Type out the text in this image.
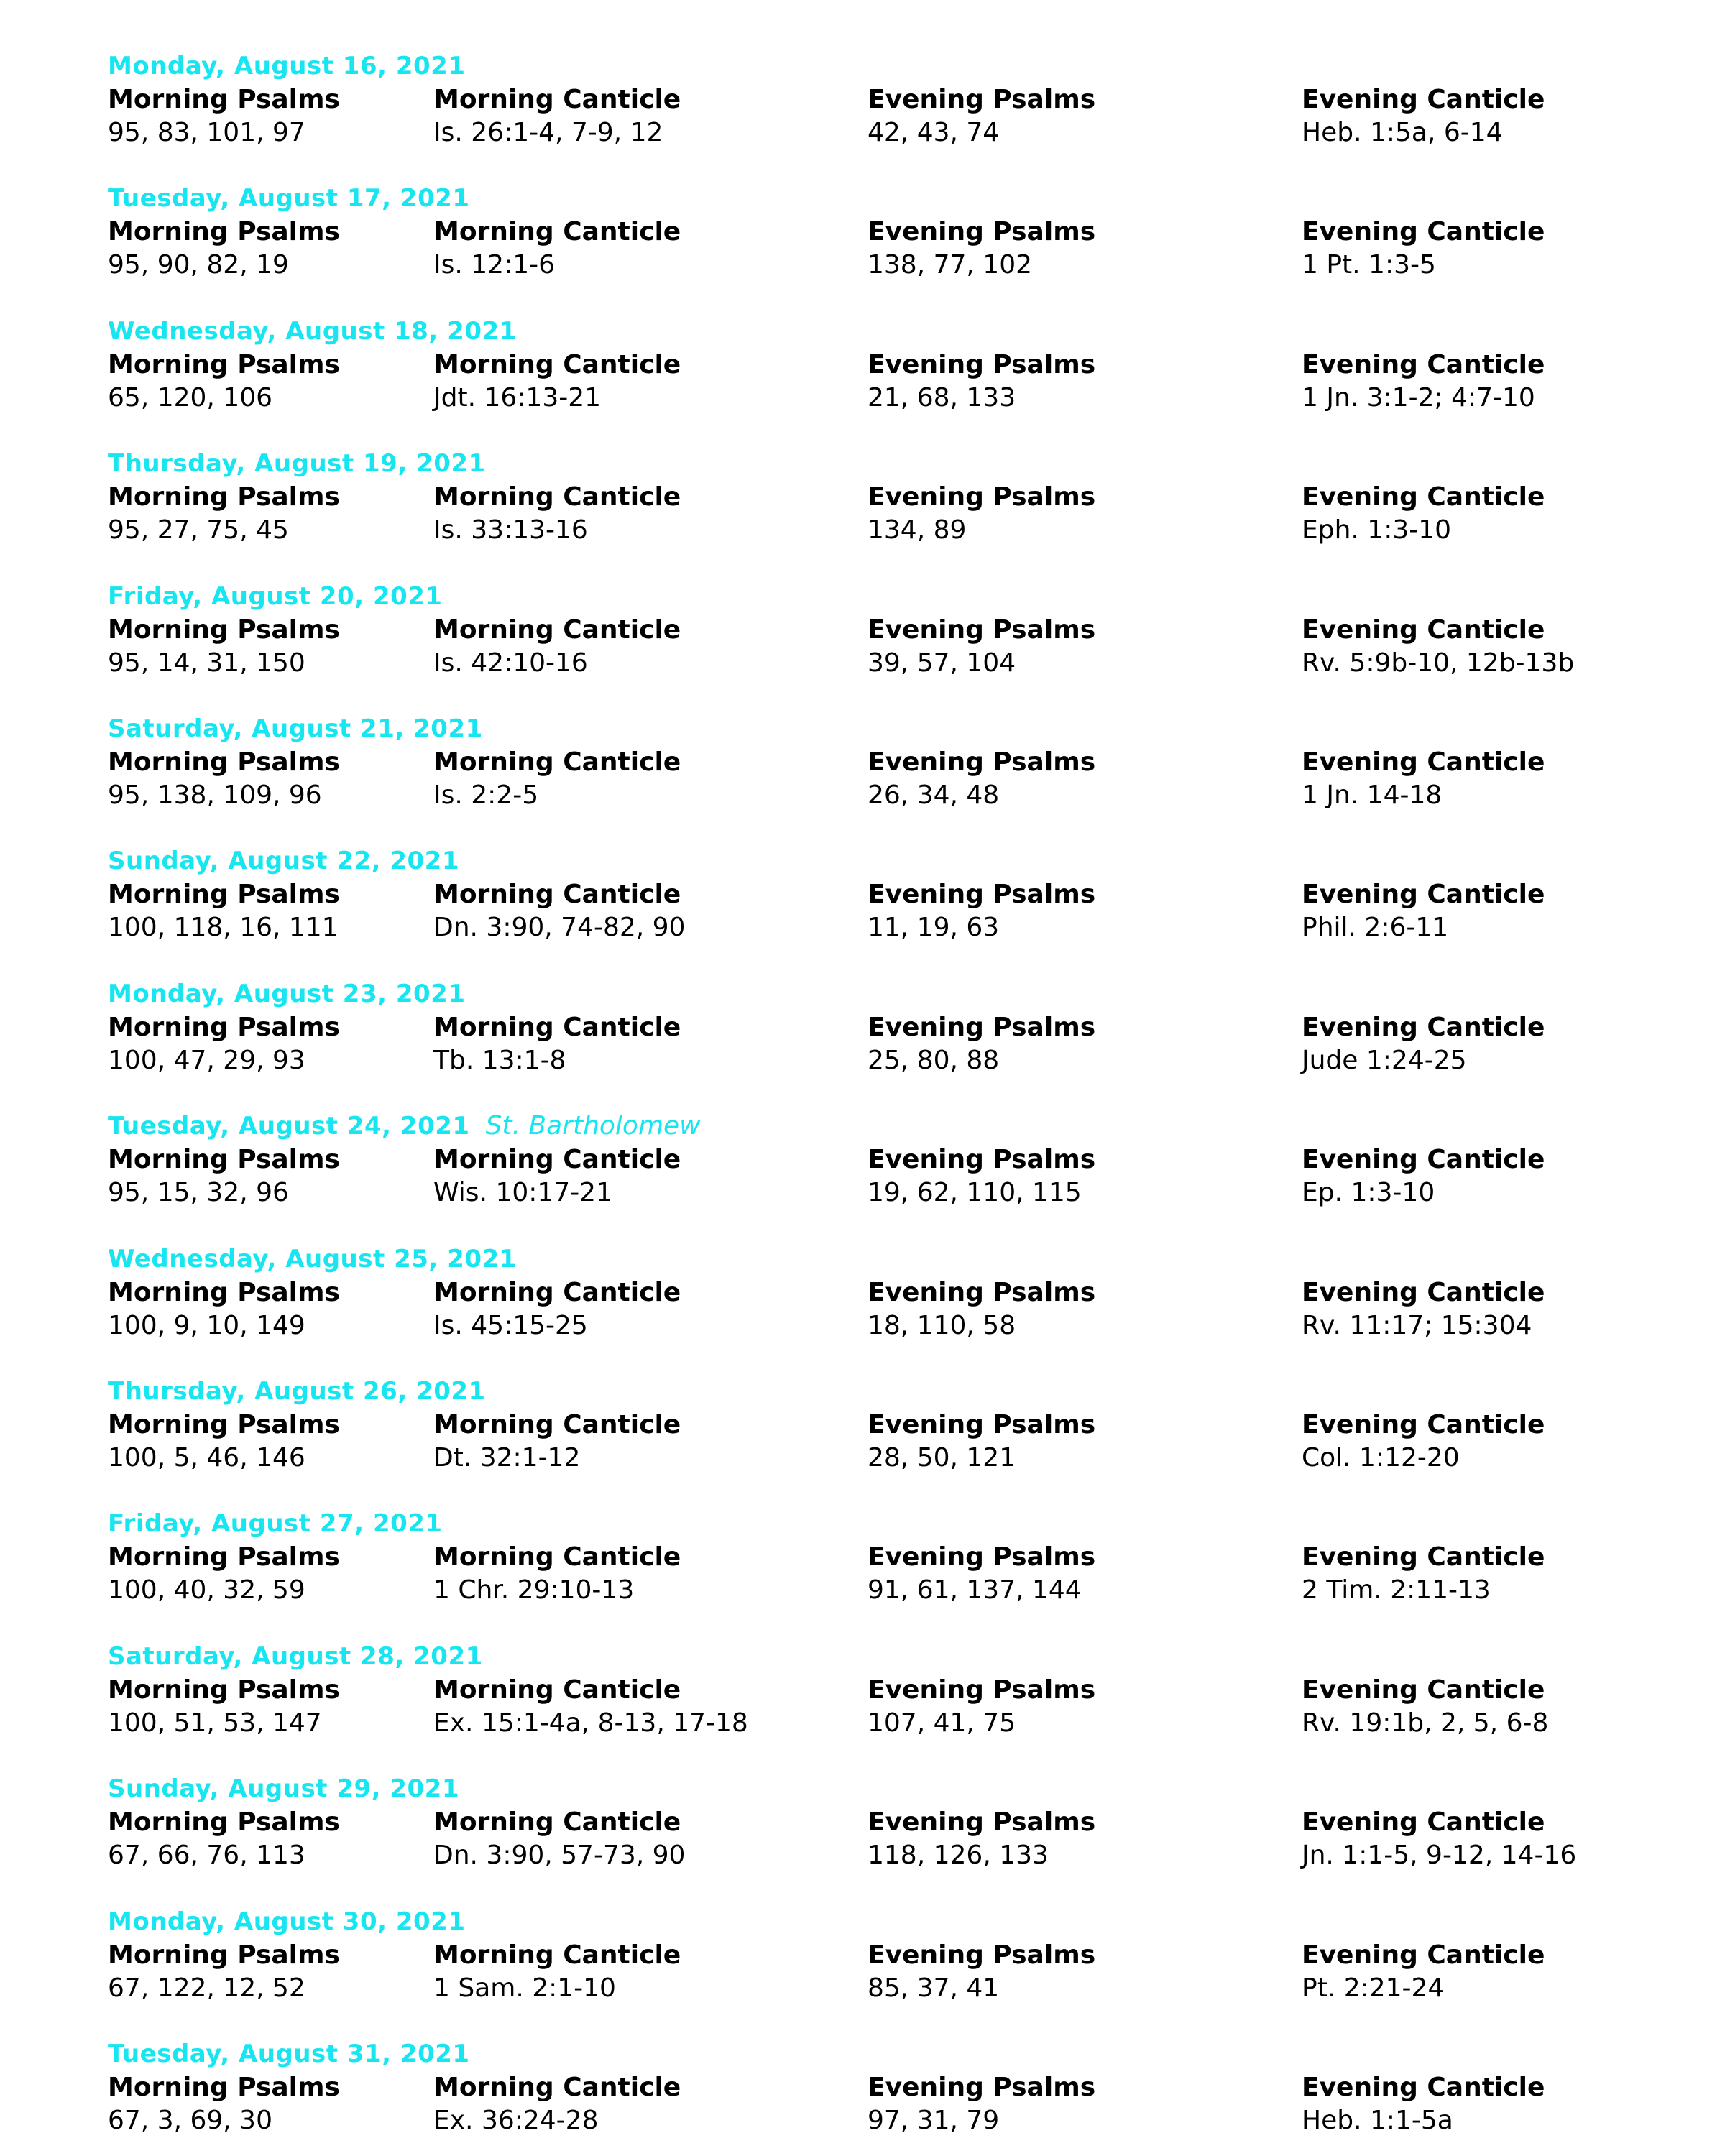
Monday, August 16, 2021
Morning Psalms
95, 83, 101, 97
Morning Canticle
Is. 26:1-4, 7-9, 12
Evening Psalms
42, 43, 74
Evening Canticle
Heb. 1:5a, 6-14
Tuesday, August 17, 2021
Morning Psalms
95, 90, 82, 19
Morning Canticle
Is. 12:1-6
Evening Psalms
138, 77, 102
Evening Canticle
1 Pt. 1:3-5
Wednesday, August 18, 2021
Morning Psalms
65, 120, 106
Morning Canticle
Jdt. 16:13-21
Evening Psalms
21, 68, 133
Evening Canticle
1 Jn. 3:1-2; 4:7-10
Thursday, August 19, 2021
Morning Psalms
95, 27, 75, 45
Morning Canticle
Is. 33:13-16
Evening Psalms
134, 89
Evening Canticle
Eph. 1:3-10
Friday, August 20, 2021
Morning Psalms
95, 14, 31, 150
Morning Canticle
Is. 42:10-16
Evening Psalms
39, 57, 104
Evening Canticle
Rv. 5:9b-10, 12b-13b
Saturday, August 21, 2021
Morning Psalms
95, 138, 109, 96
Morning Canticle
Is. 2:2-5
Evening Psalms
26, 34, 48
Evening Canticle
1 Jn. 14-18
Sunday, August 22, 2021
Morning Psalms
100, 118, 16, 111
Morning Canticle
Dn. 3:90, 74-82, 90
Evening Psalms
11, 19, 63
Evening Canticle
Phil. 2:6-11
Monday, August 23, 2021
Morning Psalms
100, 47, 29, 93
Morning Canticle
Tb. 13:1-8
Evening Psalms
25, 80, 88
Evening Canticle
Jude 1:24-25
Tuesday, August 24, 2021 St. Bartholomew
Morning Psalms
95, 15, 32, 96
Morning Canticle
Wis. 10:17-21
Evening Psalms
19, 62, 110, 115
Evening Canticle
Ep. 1:3-10
Wednesday, August 25, 2021
Morning Psalms
100, 9, 10, 149
Morning Canticle
Is. 45:15-25
Evening Psalms
18, 110, 58
Evening Canticle
Rv. 11:17; 15:304
Thursday, August 26, 2021
Morning Psalms
100, 5, 46, 146
Morning Canticle
Dt. 32:1-12
Evening Psalms
28, 50, 121
Evening Canticle
Col. 1:12-20
Friday, August 27, 2021
Morning Psalms
100, 40, 32, 59
Morning Canticle
1 Chr. 29:10-13
Evening Psalms
91, 61, 137, 144
Evening Canticle
2 Tim. 2:11-13
Saturday, August 28, 2021
Morning Psalms
100, 51, 53, 147
Morning Canticle
Ex. 15:1-4a, 8-13, 17-18
Evening Psalms
107, 41, 75
Evening Canticle
Rv. 19:1b, 2, 5, 6-8
Sunday, August 29, 2021
Morning Psalms
67, 66, 76, 113
Morning Canticle
Dn. 3:90, 57-73, 90
Evening Psalms
118, 126, 133
Evening Canticle
Jn. 1:1-5, 9-12, 14-16
Monday, August 30, 2021
Morning Psalms
67, 122, 12, 52
Morning Canticle
1 Sam. 2:1-10
Evening Psalms
85, 37, 41
Evening Canticle
Pt. 2:21-24
Tuesday, August 31, 2021
Morning Psalms
67, 3, 69, 30
Morning Canticle
Ex. 36:24-28
Evening Psalms
97, 31, 79
Evening Canticle
Heb. 1:1-5a
